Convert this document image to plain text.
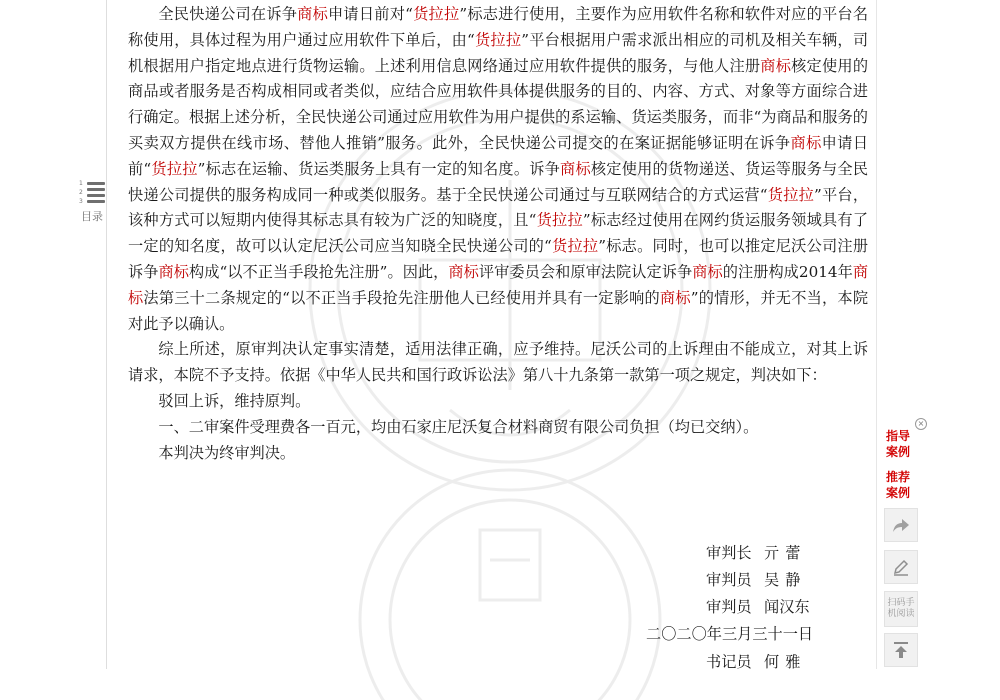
1
2
3
目录

全民快递公司在诉争商标申请日前对“货拉拉”标志进行使用，主要作为应用软件名称和软件对应的平台名称使用，具体过程为用户通过应用软件下单后，由“货拉拉”平台根据用户需求派出相应的司机及相关车辆，司机根据用户指定地点进行货物运输。上述利用信息网络通过应用软件提供的服务，与他人注册商标核定使用的商品或者服务是否构成相同或者类似，应结合应用软件具体提供服务的目的、内容、方式、对象等方面综合进行确定。根据上述分析，全民快递公司通过应用软件为用户提供的系运输、货运类服务，而非“为商品和服务的买卖双方提供在线市场、替他人推销”服务。此外，全民快递公司提交的在案证据能够证明在诉争商标申请日前“货拉拉”标志在运输、货运类服务上具有一定的知名度。诉争商标核定使用的货物递送、货运等服务与全民快递公司提供的服务构成同一种或类似服务。基于全民快递公司通过与互联网结合的方式运营“货拉拉”平台，该种方式可以短期内使得其标志具有较为广泛的知晓度，且“货拉拉”标志经过使用在网约货运服务领域具有了一定的知名度，故可以认定尼沃公司应当知晓全民快递公司的“货拉拉”标志。同时，也可以推定尼沃公司注册诉争商标构成“以不正当手段抢先注册”。因此，商标评审委员会和原审法院认定诉争商标的注册构成2014年商标法第三十二条规定的“以不正当手段抢先注册他人已经使用并具有一定影响的商标”的情形，并无不当，本院对此予以确认。

综上所述，原审判决认定事实清楚，适用法律正确，应予维持。尼沃公司的上诉理由不能成立，对其上诉请求，本院不予支持。依据《中华人民共和国行政诉讼法》第八十九条第一款第一项之规定，判决如下：

驳回上诉，维持原判。

一、二审案件受理费各一百元，均由石家庄尼沃复合材料商贸有限公司负担（均已交纳）。

本判决为终审判决。

审判长 亓蕾
审判员 吴静
审判员 闻汉东
二〇二〇年三月三十一日
书记员 何雅
×
指导案例
推荐案例
扫码手机阅读
